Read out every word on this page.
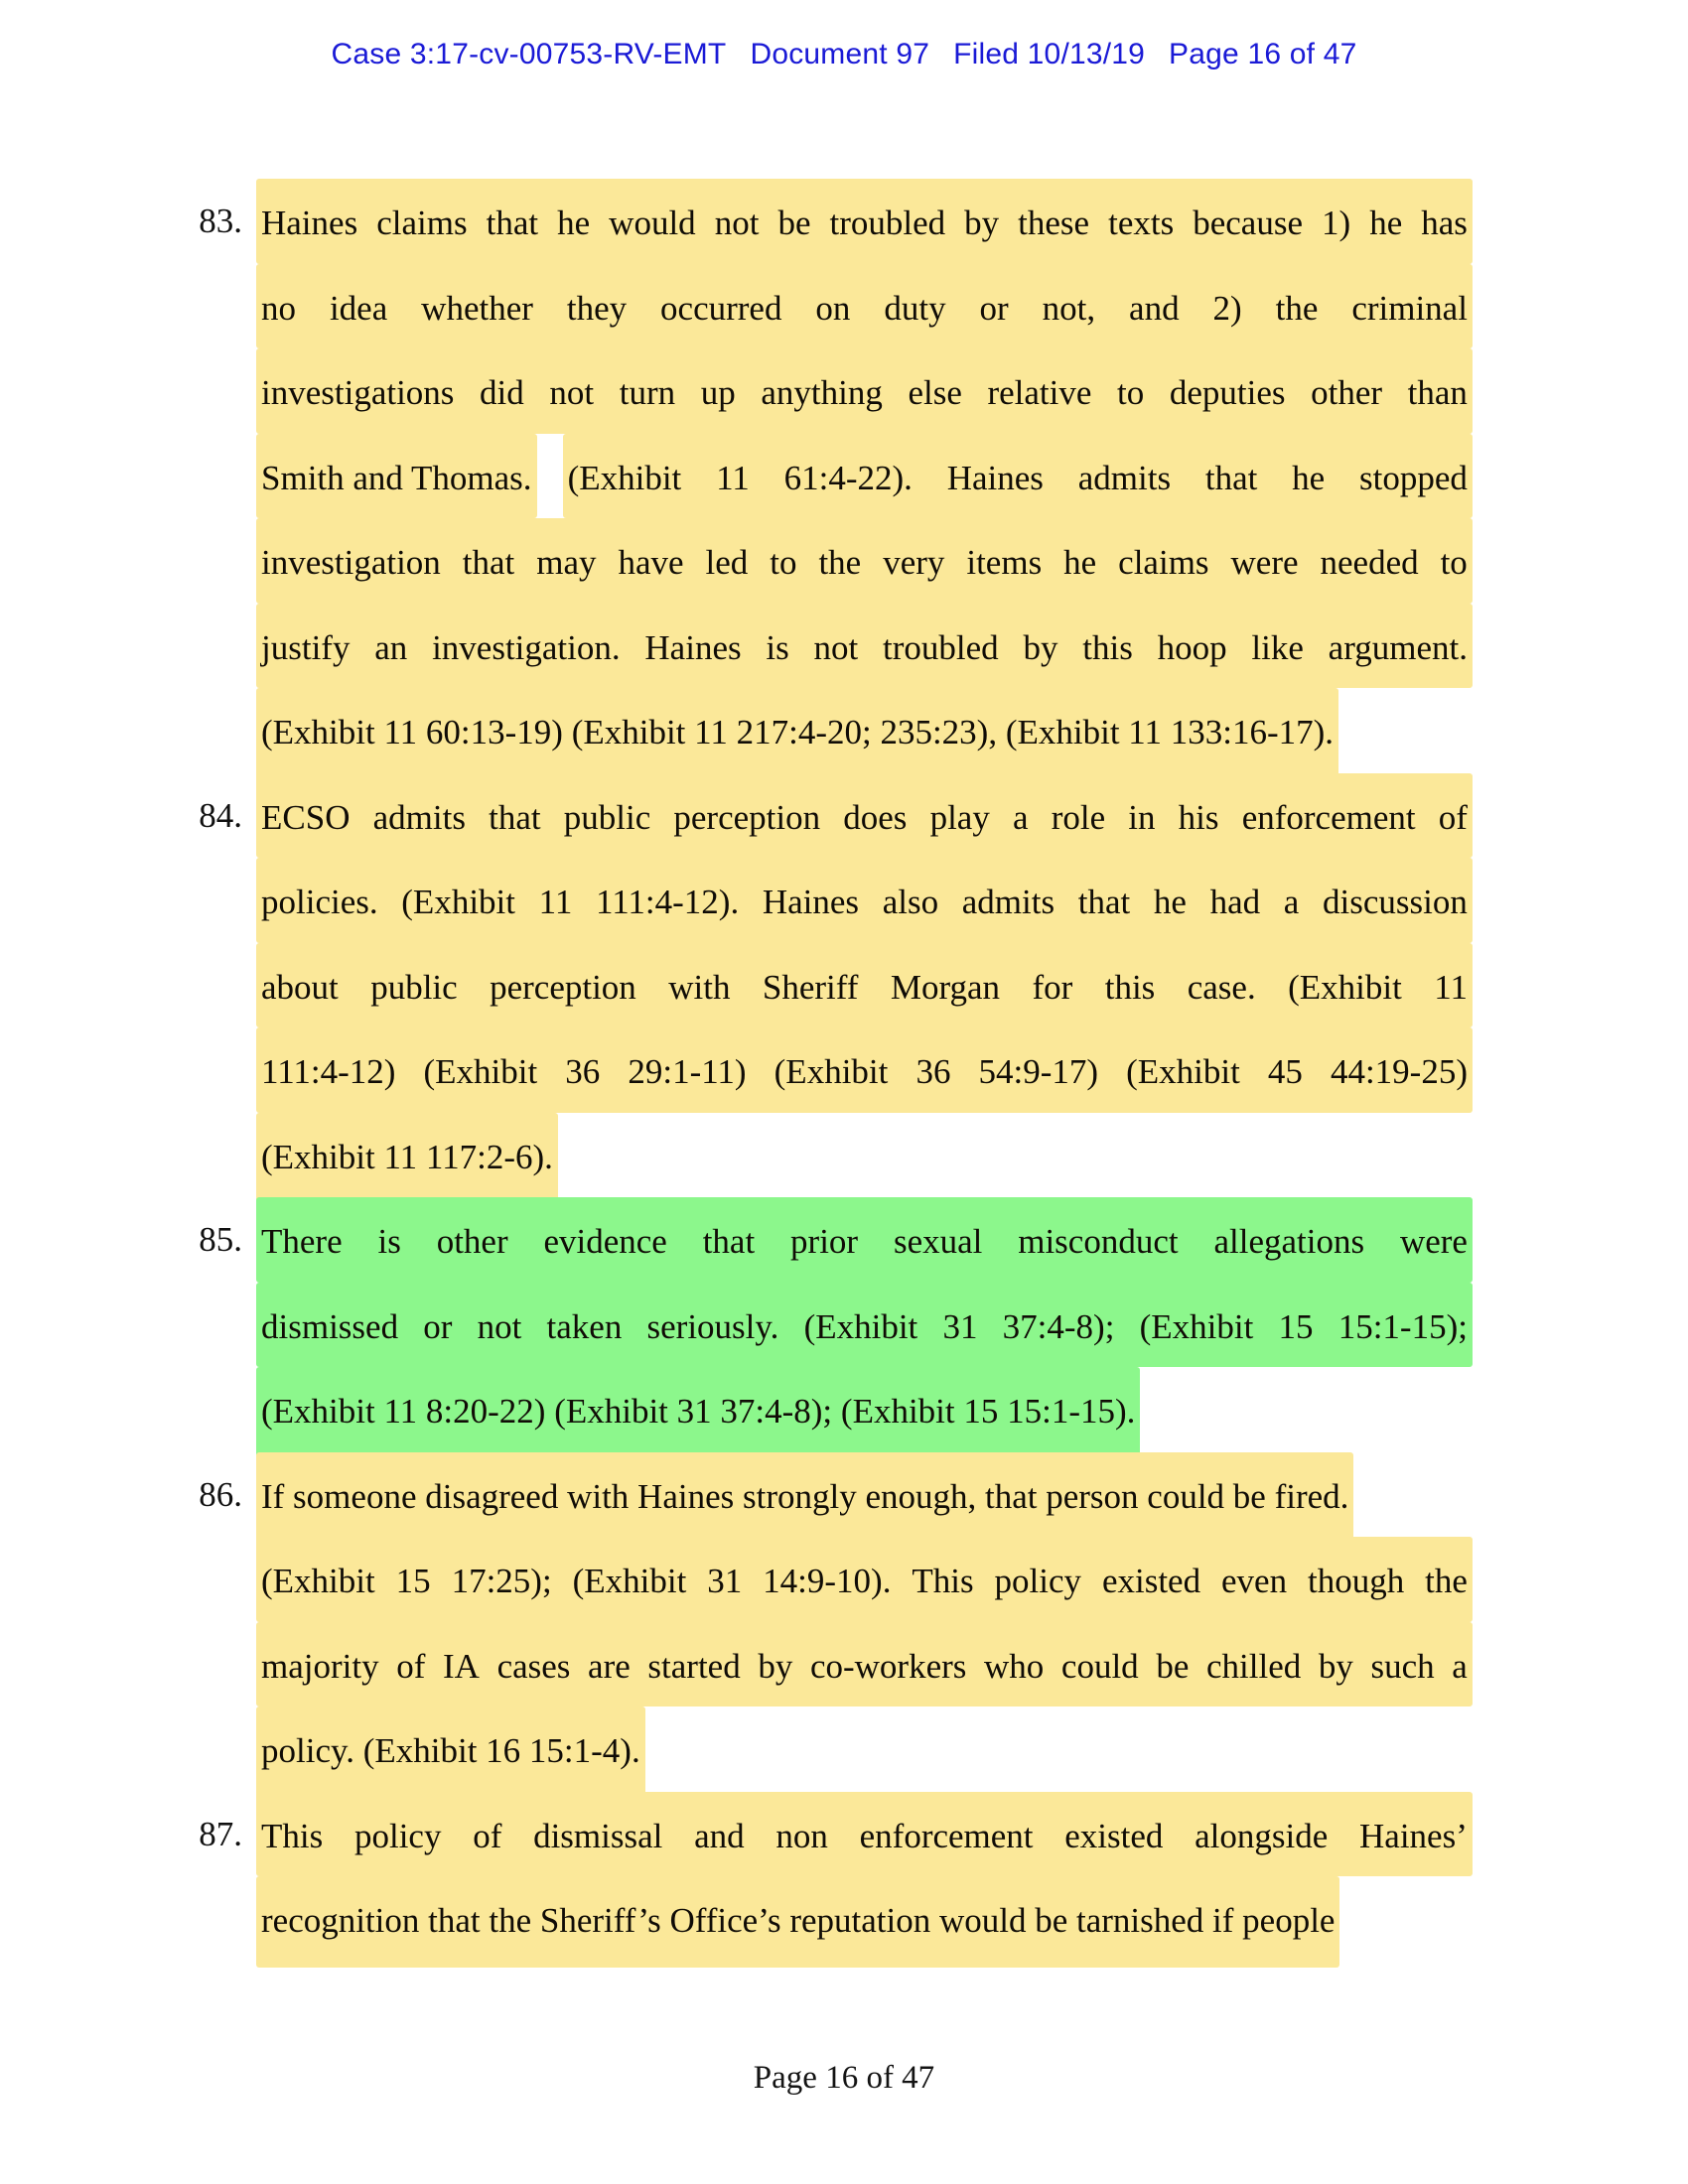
Case 3:17-cv-00753-RV-EMT Document 97 Filed 10/13/19 Page 16 of 47
83. Haines claims that he would not be troubled by these texts because 1) he has
no idea whether they occurred on duty or not, and 2) the criminal
investigations did not turn up anything else relative to deputies other than
Smith and Thomas. (Exhibit 11 61:4-22). Haines admits that he stopped
investigation that may have led to the very items he claims were needed to
justify an investigation. Haines is not troubled by this hoop like argument.
(Exhibit 11 60:13-19) (Exhibit 11 217:4-20; 235:23), (Exhibit 11 133:16-17).
84. ECSO admits that public perception does play a role in his enforcement of
policies. (Exhibit 11 111:4-12). Haines also admits that he had a discussion
about public perception with Sheriff Morgan for this case. (Exhibit 11
111:4-12) (Exhibit 36 29:1-11) (Exhibit 36 54:9-17) (Exhibit 45 44:19-25)
(Exhibit 11 117:2-6).
85. There is other evidence that prior sexual misconduct allegations were
dismissed or not taken seriously. (Exhibit 31 37:4-8); (Exhibit 15 15:1-15);
(Exhibit 11 8:20-22) (Exhibit 31 37:4-8); (Exhibit 15 15:1-15).
86. If someone disagreed with Haines strongly enough, that person could be fired.
(Exhibit 15 17:25); (Exhibit 31 14:9-10). This policy existed even though the
majority of IA cases are started by co-workers who could be chilled by such a
policy. (Exhibit 16 15:1-4).
87. This policy of dismissal and non enforcement existed alongside Haines’
recognition that the Sheriff’s Office’s reputation would be tarnished if people
Page 16 of 47
